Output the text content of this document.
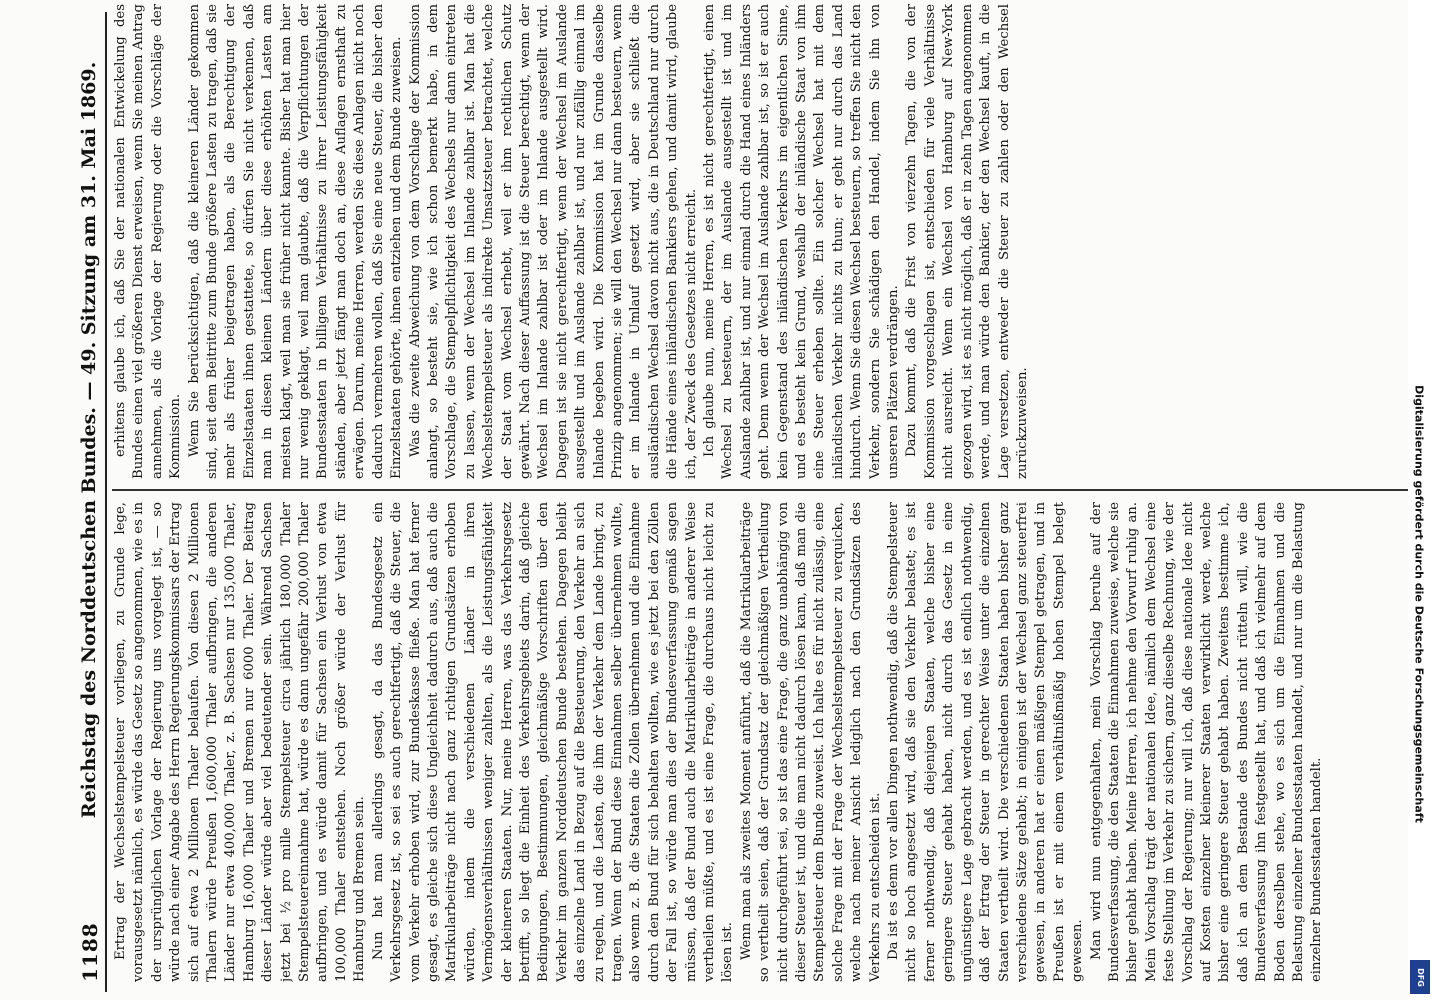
1188
Reichstag des Norddeutschen Bundes. — 49. Sitzung am 31. Mai 1869. Ertrag der Wechselstempelsteuer vorliegen, zu Grunde lege, vorausgesetzt nämlich, es würde das Gesetz so angenommen, wie es in der ursprünglichen Vorlage der Regierung uns vorgelegt ist, — so würde nach einer Angabe des Herrn Regierungskommissars der Ertrag sich auf etwa 2 Millionen Thaler belaufen. Von diesen 2 Millionen Thalern würde Preußen 1,600,000 Thaler aufbringen, die anderen Länder nur etwa 400,000 Thaler, z. B. Sachsen nur 135,000 Thaler, Hamburg 16,000 Thaler und Bremen nur 6000 Thaler. Der Beitrag dieser Länder würde aber viel bedeutender sein. Während Sachsen jetzt bei ½ pro mille Stempelsteuer circa jährlich 180,000 Thaler Stempelsteuereinnahme hat, würde es dann ungefähr 200,000 Thaler aufbringen, und es würde damit für Sachsen ein Verlust von etwa 100,000 Thaler entstehen. Noch größer würde der Verlust für Hamburg und Bremen sein. Nun hat man allerdings gesagt, da das Bundesgesetz ein Verkehrsgesetz ist, so sei es auch gerechtfertigt, daß die Steuer, die vom Verkehr erhoben wird, zur Bundeskasse fließe. Man hat ferner gesagt, es gleiche sich diese Ungleichheit dadurch aus, daß auch die Matrikularbeiträge nicht nach ganz richtigen Grundsätzen erhoben würden, indem die verschiedenen Länder in ihren Vermögensverhältnissen weniger zahlten, als die Leistungsfähigkeit der kleineren Staaten. Nur, meine Herren, was das Verkehrsgesetz betrifft, so liegt die Einheit des Verkehrsgebiets darin, daß gleiche Bedingungen, Bestimmungen, gleichmäßige Vorschriften über den Verkehr im ganzen Norddeutschen Bunde bestehen. Dagegen bleibt das einzelne Land in Bezug auf die Besteuerung, den Verkehr an sich zu regeln, und die Lasten, die ihm der Verkehr dem Lande bringt, zu tragen. Wenn der Bund diese Einnahmen selber übernehmen wollte, also wenn z. B. die Staaten die Zollen übernehmen und die Einnahme durch den Bund für sich behalten wollten, wie es jetzt bei den Zöllen der Fall ist, so würde man dies der Bundesverfassung gemäß sagen müssen, daß der Bund auch die Matrikularbeiträge in anderer Weise vertheilen müßte, und es ist eine Frage, die durchaus nicht leicht zu lösen ist. Wenn man als zweites Moment anführt, daß die Matrikularbeiträge so vertheilt seien, daß der Grundsatz der gleichmäßigen Vertheilung nicht durchgeführt sei, so ist das eine Frage, die ganz unabhängig von dieser Steuer ist, und die man nicht dadurch lösen kann, daß man die Stempelsteuer dem Bunde zuweist. Ich halte es für nicht zulässig, eine solche Frage mit der Frage der Wechselstempelsteuer zu verquicken, welche nach meiner Ansicht lediglich nach den Grundsätzen des Verkehrs zu entscheiden ist. Da ist es denn vor allen Dingen nothwendig, daß die Stempelsteuer nicht so hoch angesetzt wird, daß sie den Verkehr belastet; es ist ferner nothwendig, daß diejenigen Staaten, welche bisher eine geringere Steuer gehabt haben, nicht durch das Gesetz in eine ungünstigere Lage gebracht werden, und es ist endlich nothwendig, daß der Ertrag der Steuer in gerechter Weise unter die einzelnen Staaten vertheilt wird. Die verschiedenen Staaten haben bisher ganz verschiedene Sätze gehabt; in einigen ist der Wechsel ganz steuerfrei gewesen, in anderen hat er einen mäßigen Stempel getragen, und in Preußen ist er mit einem verhältnißmäßig hohen Stempel belegt gewesen. Man wird nun entgegenhalten, mein Vorschlag beruhe auf der Bundesverfassung, die den Staaten die Einnahmen zuweise, welche sie bisher gehabt haben. Meine Herren, ich nehme den Vorwurf ruhig an. Mein Vorschlag trägt der nationalen Idee, nämlich dem Wechsel eine feste Stellung im Verkehr zu sichern, ganz dieselbe Rechnung, wie der Vorschlag der Regierung; nur will ich, daß diese nationale Idee nicht auf Kosten einzelner kleinerer Staaten verwirklicht werde, welche bisher eine geringere Steuer gehabt haben. Zweitens bestimme ich, daß ich an dem Bestande des Bundes nicht rütteln will, wie die Bundesverfassung ihn festgestellt hat, und daß ich vielmehr auf dem Boden derselben stehe, wo es sich um die Einnahmen und die Belastung einzelner Bundesstaaten handelt, und nur um die Belastung einzelner Bundesstaaten handelt.

erhitens glaube ich, daß Sie der nationalen Entwickelung des Bundes einen viel größeren Dienst erweisen, wenn Sie meinen Antrag annehmen, als die Vorlage der Regierung oder die Vorschläge der Kommission. Wenn Sie berücksichtigen, daß die kleineren Länder gekommen sind, seit dem Beitritte zum Bunde größere Lasten zu tragen, daß sie mehr als früher beigetragen haben, als die Berechtigung der Einzelstaaten ihnen gestattete, so dürfen Sie nicht verkennen, daß man in diesen kleinen Ländern über diese erhöhten Lasten am meisten klagt, weil man sie früher nicht kannte. Bisher hat man hier nur wenig geklagt, weil man glaubte, daß die Verpflichtungen der Bundesstaaten in billigem Verhältnisse zu ihrer Leistungsfähigkeit ständen, aber jetzt fängt man doch an, diese Auflagen ernsthaft zu erwägen. Darum, meine Herren, werden Sie diese Anlagen nicht noch dadurch vermehren wollen, daß Sie eine neue Steuer, die bisher den Einzelstaaten gehörte, ihnen entziehen und dem Bunde zuweisen. Was die zweite Abweichung von dem Vorschlage der Kommission anlangt, so besteht sie, wie ich schon bemerkt habe, in dem Vorschlage, die Stempelpflichtigkeit des Wechsels nur dann eintreten zu lassen, wenn der Wechsel im Inlande zahlbar ist. Man hat die Wechselstempelsteuer als indirekte Umsatzsteuer betrachtet, welche der Staat vom Wechsel erhebt, weil er ihm rechtlichen Schutz gewährt. Nach dieser Auffassung ist die Steuer berechtigt, wenn der Wechsel im Inlande zahlbar ist oder im Inlande ausgestellt wird. Dagegen ist sie nicht gerechtfertigt, wenn der Wechsel im Auslande ausgestellt und im Auslande zahlbar ist, und nur zufällig einmal im Inlande begeben wird. Die Kommission hat im Grunde dasselbe Prinzip angenommen; sie will den Wechsel nur dann besteuern, wenn er im Inlande in Umlauf gesetzt wird, aber sie schließt die ausländischen Wechsel davon nicht aus, die in Deutschland nur durch die Hände eines inländischen Bankiers gehen, und damit wird, glaube ich, der Zweck des Gesetzes nicht erreicht. Ich glaube nun, meine Herren, es ist nicht gerechtfertigt, einen Wechsel zu besteuern, der im Auslande ausgestellt ist und im Auslande zahlbar ist, und nur einmal durch die Hand eines Inländers geht. Denn wenn der Wechsel im Auslande zahlbar ist, so ist er auch kein Gegenstand des inländischen Verkehrs im eigentlichen Sinne, und es besteht kein Grund, weshalb der inländische Staat von ihm eine Steuer erheben sollte. Ein solcher Wechsel hat mit dem inländischen Verkehr nichts zu thun; er geht nur durch das Land hindurch. Wenn Sie diesen Wechsel besteuern, so treffen Sie nicht den Verkehr, sondern Sie schädigen den Handel, indem Sie ihn von unseren Plätzen verdrängen. Dazu kommt, daß die Frist von vierzehn Tagen, die von der Kommission vorgeschlagen ist, entschieden für viele Verhältnisse nicht ausreicht. Wenn ein Wechsel von Hamburg auf New-York gezogen wird, ist es nicht möglich, daß er in zehn Tagen angenommen werde, und man würde den Bankier, der den Wechsel kauft, in die Lage versetzen, entweder die Steuer zu zahlen oder den Wechsel zurückzuweisen.	Digitalisierung gefördert durch die Deutsche Forschungsgemeinschaft
DFG
